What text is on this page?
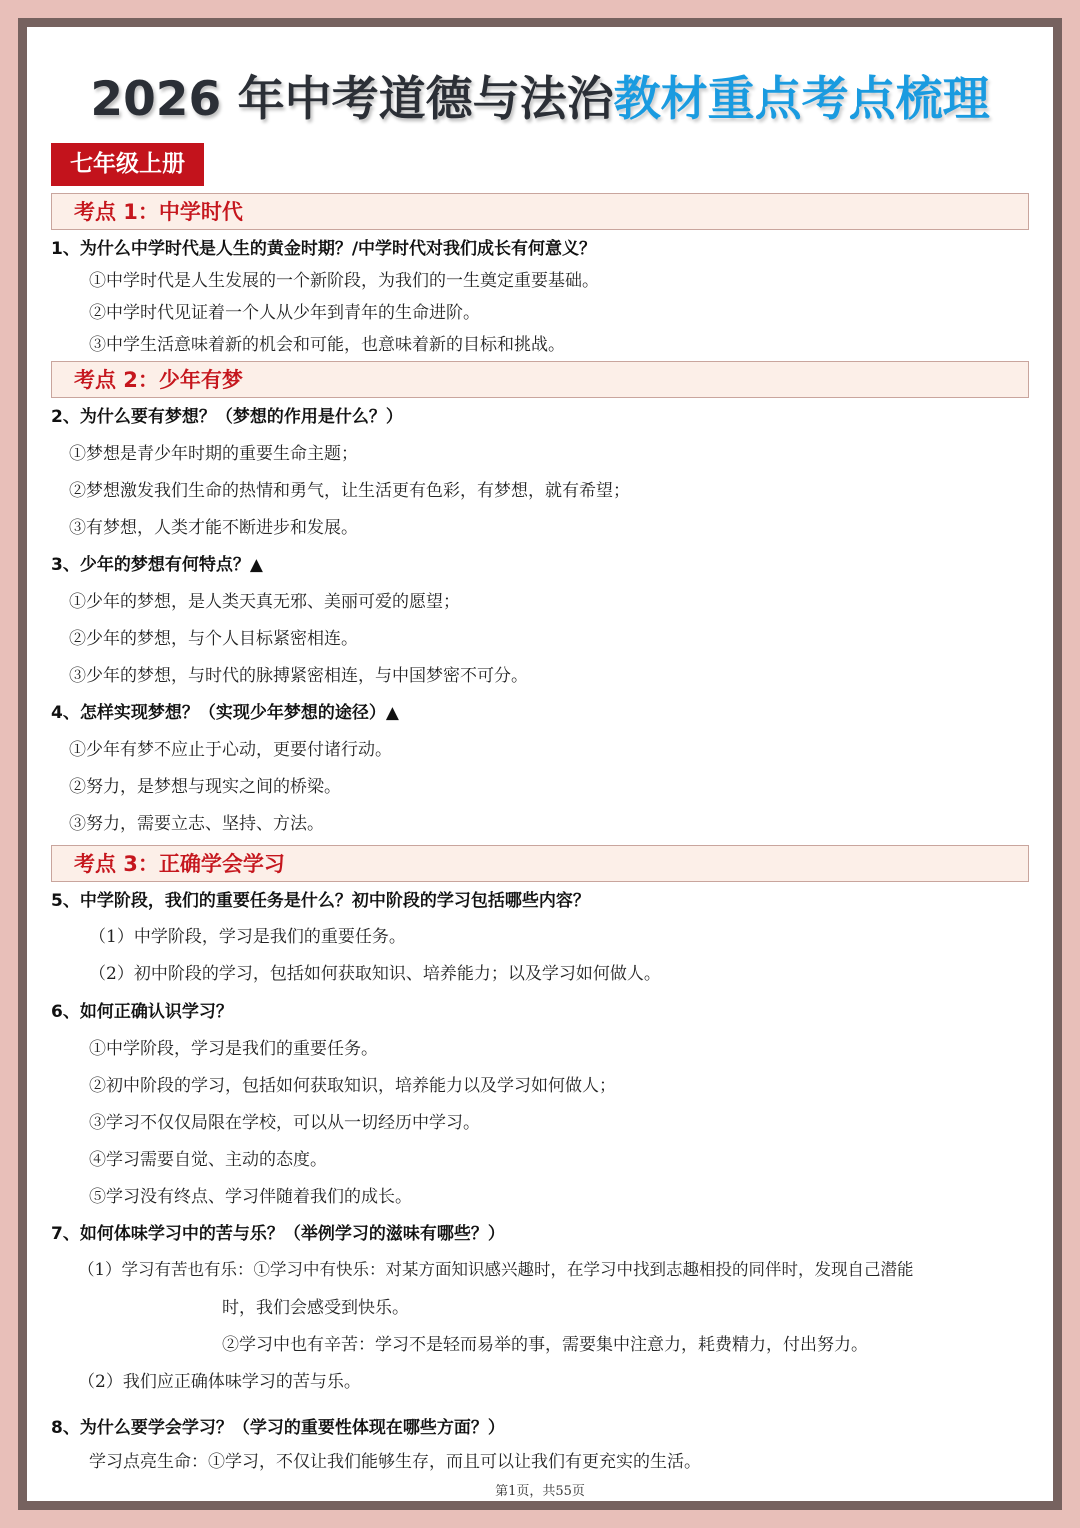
2026 年中考道德与法治教材重点考点梳理
七年级上册
考点 1：中学时代
1、为什么中学时代是人生的黄金时期？/中学时代对我们成长有何意义？
①中学时代是人生发展的一个新阶段，为我们的一生奠定重要基础。
②中学时代见证着一个人从少年到青年的生命进阶。
③中学生活意味着新的机会和可能，也意味着新的目标和挑战。
考点 2：少年有梦
2、为什么要有梦想？（梦想的作用是什么？）
①梦想是青少年时期的重要生命主题；
②梦想激发我们生命的热情和勇气，让生活更有色彩，有梦想，就有希望；
③有梦想，人类才能不断进步和发展。
3、少年的梦想有何特点？▲
①少年的梦想，是人类天真无邪、美丽可爱的愿望；
②少年的梦想，与个人目标紧密相连。
③少年的梦想，与时代的脉搏紧密相连，与中国梦密不可分。
4、怎样实现梦想？（实现少年梦想的途径）▲
①少年有梦不应止于心动，更要付诸行动。
②努力，是梦想与现实之间的桥梁。
③努力，需要立志、坚持、方法。
考点 3：正确学会学习
5、中学阶段，我们的重要任务是什么？初中阶段的学习包括哪些内容？
（1）中学阶段，学习是我们的重要任务。
（2）初中阶段的学习，包括如何获取知识、培养能力；以及学习如何做人。
6、如何正确认识学习？
①中学阶段，学习是我们的重要任务。
②初中阶段的学习，包括如何获取知识，培养能力以及学习如何做人；
③学习不仅仅局限在学校，可以从一切经历中学习。
④学习需要自觉、主动的态度。
⑤学习没有终点、学习伴随着我们的成长。
7、如何体味学习中的苦与乐？（举例学习的滋味有哪些？）
（1）学习有苦也有乐：①学习中有快乐：对某方面知识感兴趣时，在学习中找到志趣相投的同伴时，发现自己潜能
时，我们会感受到快乐。
②学习中也有辛苦：学习不是轻而易举的事，需要集中注意力，耗费精力，付出努力。
（2）我们应正确体味学习的苦与乐。
8、为什么要学会学习？（学习的重要性体现在哪些方面？）
学习点亮生命：①学习，不仅让我们能够生存，而且可以让我们有更充实的生活。
第1页，共55页
